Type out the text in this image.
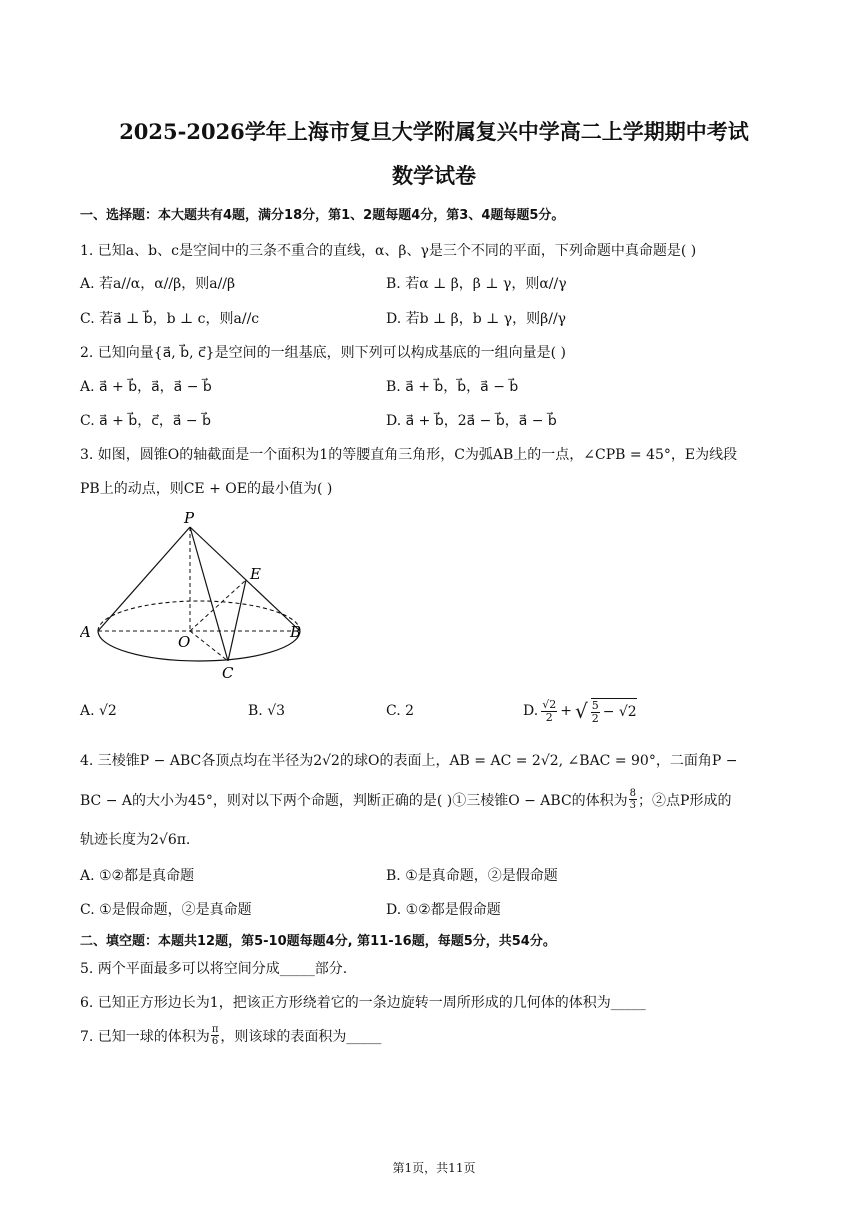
2025-2026学年上海市复旦大学附属复兴中学高二上学期期中考试
数学试卷
一、选择题：本大题共有4题，满分18分，第1、2题每题4分，第3、4题每题5分。
1. 已知a、b、c是空间中的三条不重合的直线，α、β、γ是三个不同的平面，下列命题中真命题是( )
A. 若a//α，α//β，则a//β	B. 若α ⊥ β，β ⊥ γ，则α//γ
C. 若a⃗ ⊥ b⃗，b ⊥ c，则a//c	D. 若b ⊥ β，b ⊥ γ，则β//γ
2. 已知向量{a⃗, b⃗, c⃗}是空间的一组基底，则下列可以构成基底的一组向量是( )
A. a⃗ + b⃗，a⃗，a⃗ − b⃗	B. a⃗ + b⃗，b⃗，a⃗ − b⃗
C. a⃗ + b⃗，c⃗，a⃗ − b⃗	D. a⃗ + b⃗，2a⃗ − b⃗，a⃗ − b⃗
3. 如图，圆锥O的轴截面是一个面积为1的等腰直角三角形，C为弧AB上的一点，∠CPB = 45°，E为线段
PB上的动点，则CE + OE的最小值为( )
P
E
A
O
B
C
A. √2	B. √3	C. 2	D. √2
2 + √ 5
2 − √2
4. 三棱锥P − ABC各顶点均在半径为2√2的球O的表面上，AB = AC = 2√2, ∠BAC = 90°，二面角P −
BC − A的大小为45°，则对以下两个命题，判断正确的是( )①三棱锥O − ABC的体积为 8
3 ；②点P形成的
轨迹长度为2√6π.
A. ①②都是真命题	B. ①是真命题，②是假命题
C. ①是假命题，②是真命题	D. ①②都是假命题
二、填空题：本题共12题，第5-10题每题4分, 第11-16题，每题5分，共54分。
5. 两个平面最多可以将空间分成_____部分.
6. 已知正方形边长为1，把该正方形绕着它的一条边旋转一周所形成的几何体的体积为_____
7. 已知一球的体积为 π
6 ，则该球的表面积为_____
第1页，共11页
